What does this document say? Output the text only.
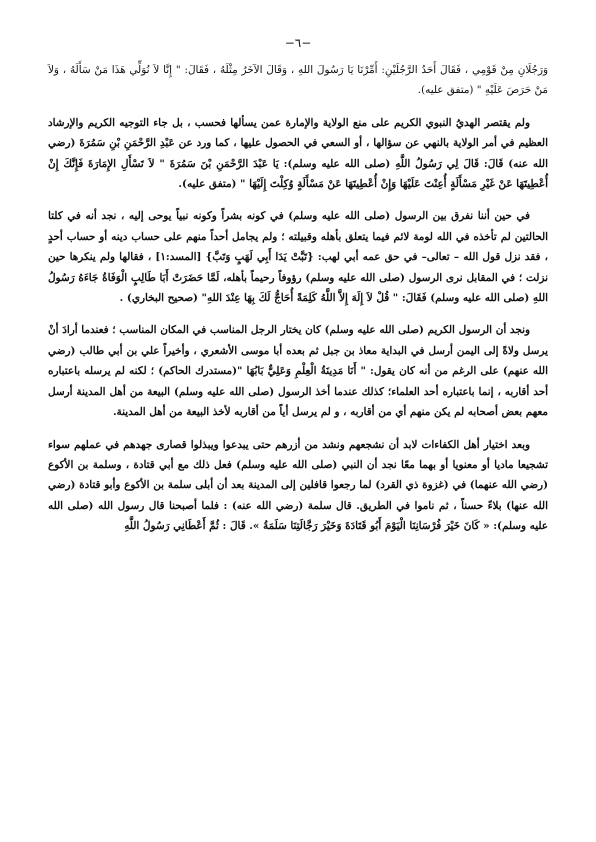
−٦−

وَرَجُلَانِ مِنْ قَوْمِي ، فَقَالَ أَحَدُ الرَّجُلَيْنِ: أَمِّرْنَا يَا رَسُولَ اللهِ ، وَقَالَ الآخَرُ مِثْلَهُ ، فَقَالَ: " إِنَّا لاَ نُوَلِّي هَذَا مَنْ سَأَلَهُ ، وَلاَ مَنْ حَرَصَ عَلَيْهِ " (متفق عليه).

ولم يقتصر الهديُ النبوي الكريم على منع الولاية والإمارة عمن يسألها فحسب ، بل جاء التوجيه الكريم والإرشاد العظيم في أمر الولاية بالنهي عن سؤالها ، أو السعي في الحصول عليها ، كما ورد عن عَبْدِ الرَّحْمَنِ بْنِ سَمُرَةَ (رضي الله عنه) قَالَ: قَالَ لِي رَسُولُ اللَّهِ (صلى الله عليه وسلم): يَا عَبْدَ الرَّحْمَنِ بْنَ سَمُرَةَ " لاَ تَسْأَلِ الإِمَارَةَ فَإِنَّكَ إِنْ أُعْطِيتَهَا عَنْ غَيْرِ مَسْأَلَةٍ أُعِنْتَ عَلَيْهَا وَإِنْ أُعْطِيتَهَا عَنْ مَسْأَلَةٍ وُكِلْتَ إِلَيْهَا " (متفق عليه).

في حين أننا نفرق بين الرسول (صلى الله عليه وسلم) في كونه بشراً وكونه نبياً يوحى إليه ، نجد أنه في كلتا الحالتين لم تأخذه في الله لومة لائم فيما يتعلق بأهله وقبيلته ؛ ولم يجامل أحداً منهم على حساب دينه أو حساب أحدٍ ، فقد نزل قول الله – تعالى– في حق عمه أبي لهب: {تَبَّتْ يَدَا أَبِي لَهَبٍ وَتَبَّ} [المسد:١] ، فقالها ولم ينكرها حين نزلت ؛ في المقابل نرى الرسول (صلى الله عليه وسلم) رؤوفاً رحيماً بأهله، لَمَّا حَضَرَتْ أَبَا طَالِبٍ الْوَفَاةُ جَاءَهُ رَسُولُ اللهِ (صلى الله عليه وسلم) فَقَالَ: " قُلْ لاَ إِلَهَ إِلاَّ اللَّهُ كَلِمَةً أُحَاجُّ لَكَ بِهَا عِنْدَ اللهِ" (صحيح البخاري) .

ونجد أن الرسول الكريم (صلى الله عليه وسلم) كان يختار الرجل المناسب في المكان المناسب ؛ فعندما أرادَ أنْ يرسل ولاةً إلى اليمن أرسل في البداية معاذ بن جبل ثم بعده أبا موسى الأشعري ، وأخيراً علي بن أبي طالب (رضي الله عنهم) على الرغم من أنه كان يقول: " أَنَا مَدِينَةُ الْعِلْمِ وَعَلِيٌّ بَابُهَا "(مستدرك الحاكم) ؛ لكنه لم يرسله باعتباره أحد أقاربه ، إنما باعتباره أحد العلماء؛ كذلك عندما أخذ الرسول (صلى الله عليه وسلم) البيعة من أهل المدينة أرسل معهم بعض أصحابه لم يكن منهم أي من أقاربه ، و لم يرسل أياً من أقاربه لأخذ البيعة من أهل المدينة.

وبعد اختيار أهل الكفاءات لابد أن نشجعهم ونشد من أزرهم حتى يبدعوا ويبذلوا قصارى جهدهم في عملهم سواء تشجيعا ماديا أو معنويا أو بهما معًا نجد أن النبي (صلى الله عليه وسلم) فعل ذلك مع أبي قتادة ، وسلمة بن الأكوع (رضي الله عنهما) في (غزوة ذي القرد) لما رجعوا قافلين إلى المدينة بعد أن أبلى سلمة بن الأكوع وأبو قتادة (رضي الله عنها) بلاءً حسناً ، ثم ناموا في الطريق. قال سلمة (رضي الله عنه) : فلما أصبحنا قال رسول الله (صلى الله عليه وسلم): « كَانَ خَيْرَ فُرْسَانِنَا الْيَوْمَ أَبُو قَتَادَةَ وَخَيْرَ رَجَّالَتِنَا سَلَمَةُ ». قَالَ : ثُمَّ أَعْطَانِي رَسُولُ اللَّهِ
